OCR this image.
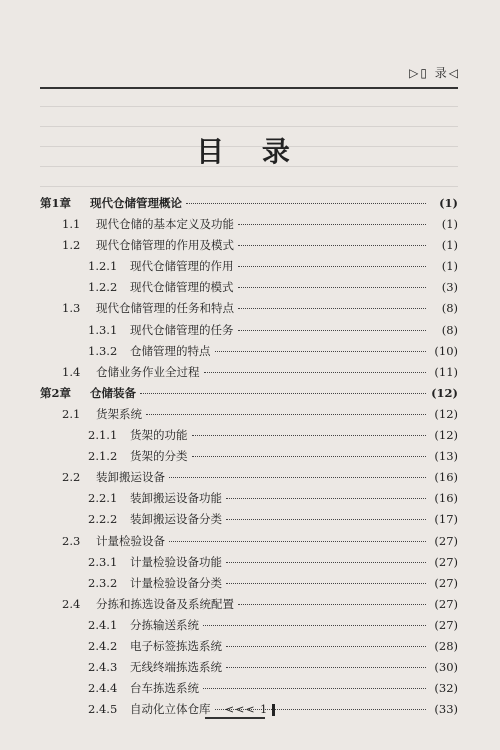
▷▯ 录◁
目 录
第1章	现代仓储管理概论	(1)
1.1	现代仓储的基本定义及功能	(1)
1.2	现代仓储管理的作用及模式	(1)
1.2.1	现代仓储管理的作用	(1)
1.2.2	现代仓储管理的模式	(3)
1.3	现代仓储管理的任务和特点	(8)
1.3.1	现代仓储管理的任务	(8)
1.3.2	仓储管理的特点	(10)
1.4	仓储业务作业全过程	(11)
第2章	仓储装备	(12)
2.1	货架系统	(12)
2.1.1	货架的功能	(12)
2.1.2	货架的分类	(13)
2.2	装卸搬运设备	(16)
2.2.1	装卸搬运设备功能	(16)
2.2.2	装卸搬运设备分类	(17)
2.3	计量检验设备	(27)
2.3.1	计量检验设备功能	(27)
2.3.2	计量检验设备分类	(27)
2.4	分拣和拣选设备及系统配置	(27)
2.4.1	分拣输送系统	(27)
2.4.2	电子标签拣选系统	(28)
2.4.3	无线终端拣选系统	(30)
2.4.4	台车拣选系统	(32)
2.4.5	自动化立体仓库	(33)
<<< 1
